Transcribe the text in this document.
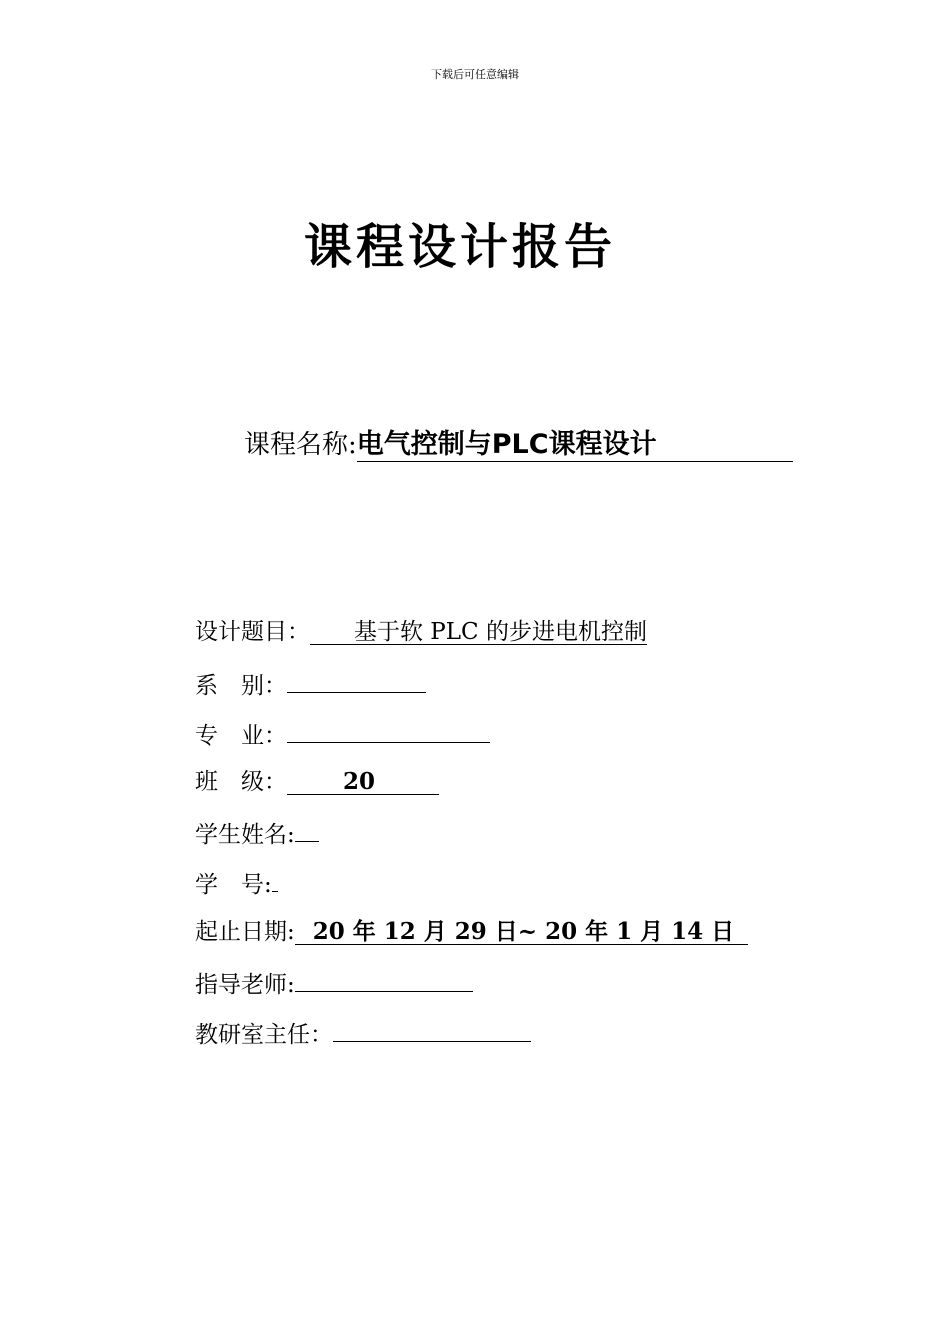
下载后可任意编辑
课程设计报告
课程名称:电气控制与PLC课程设计
设计题目： 基于软 PLC 的步进电机控制
系　别：
专　业：
班　级： 20
学生姓名:
学　号:
起止日期:20 年 12 月 29 日~ 20 年 1 月 14 日
指导老师:
教研室主任：
